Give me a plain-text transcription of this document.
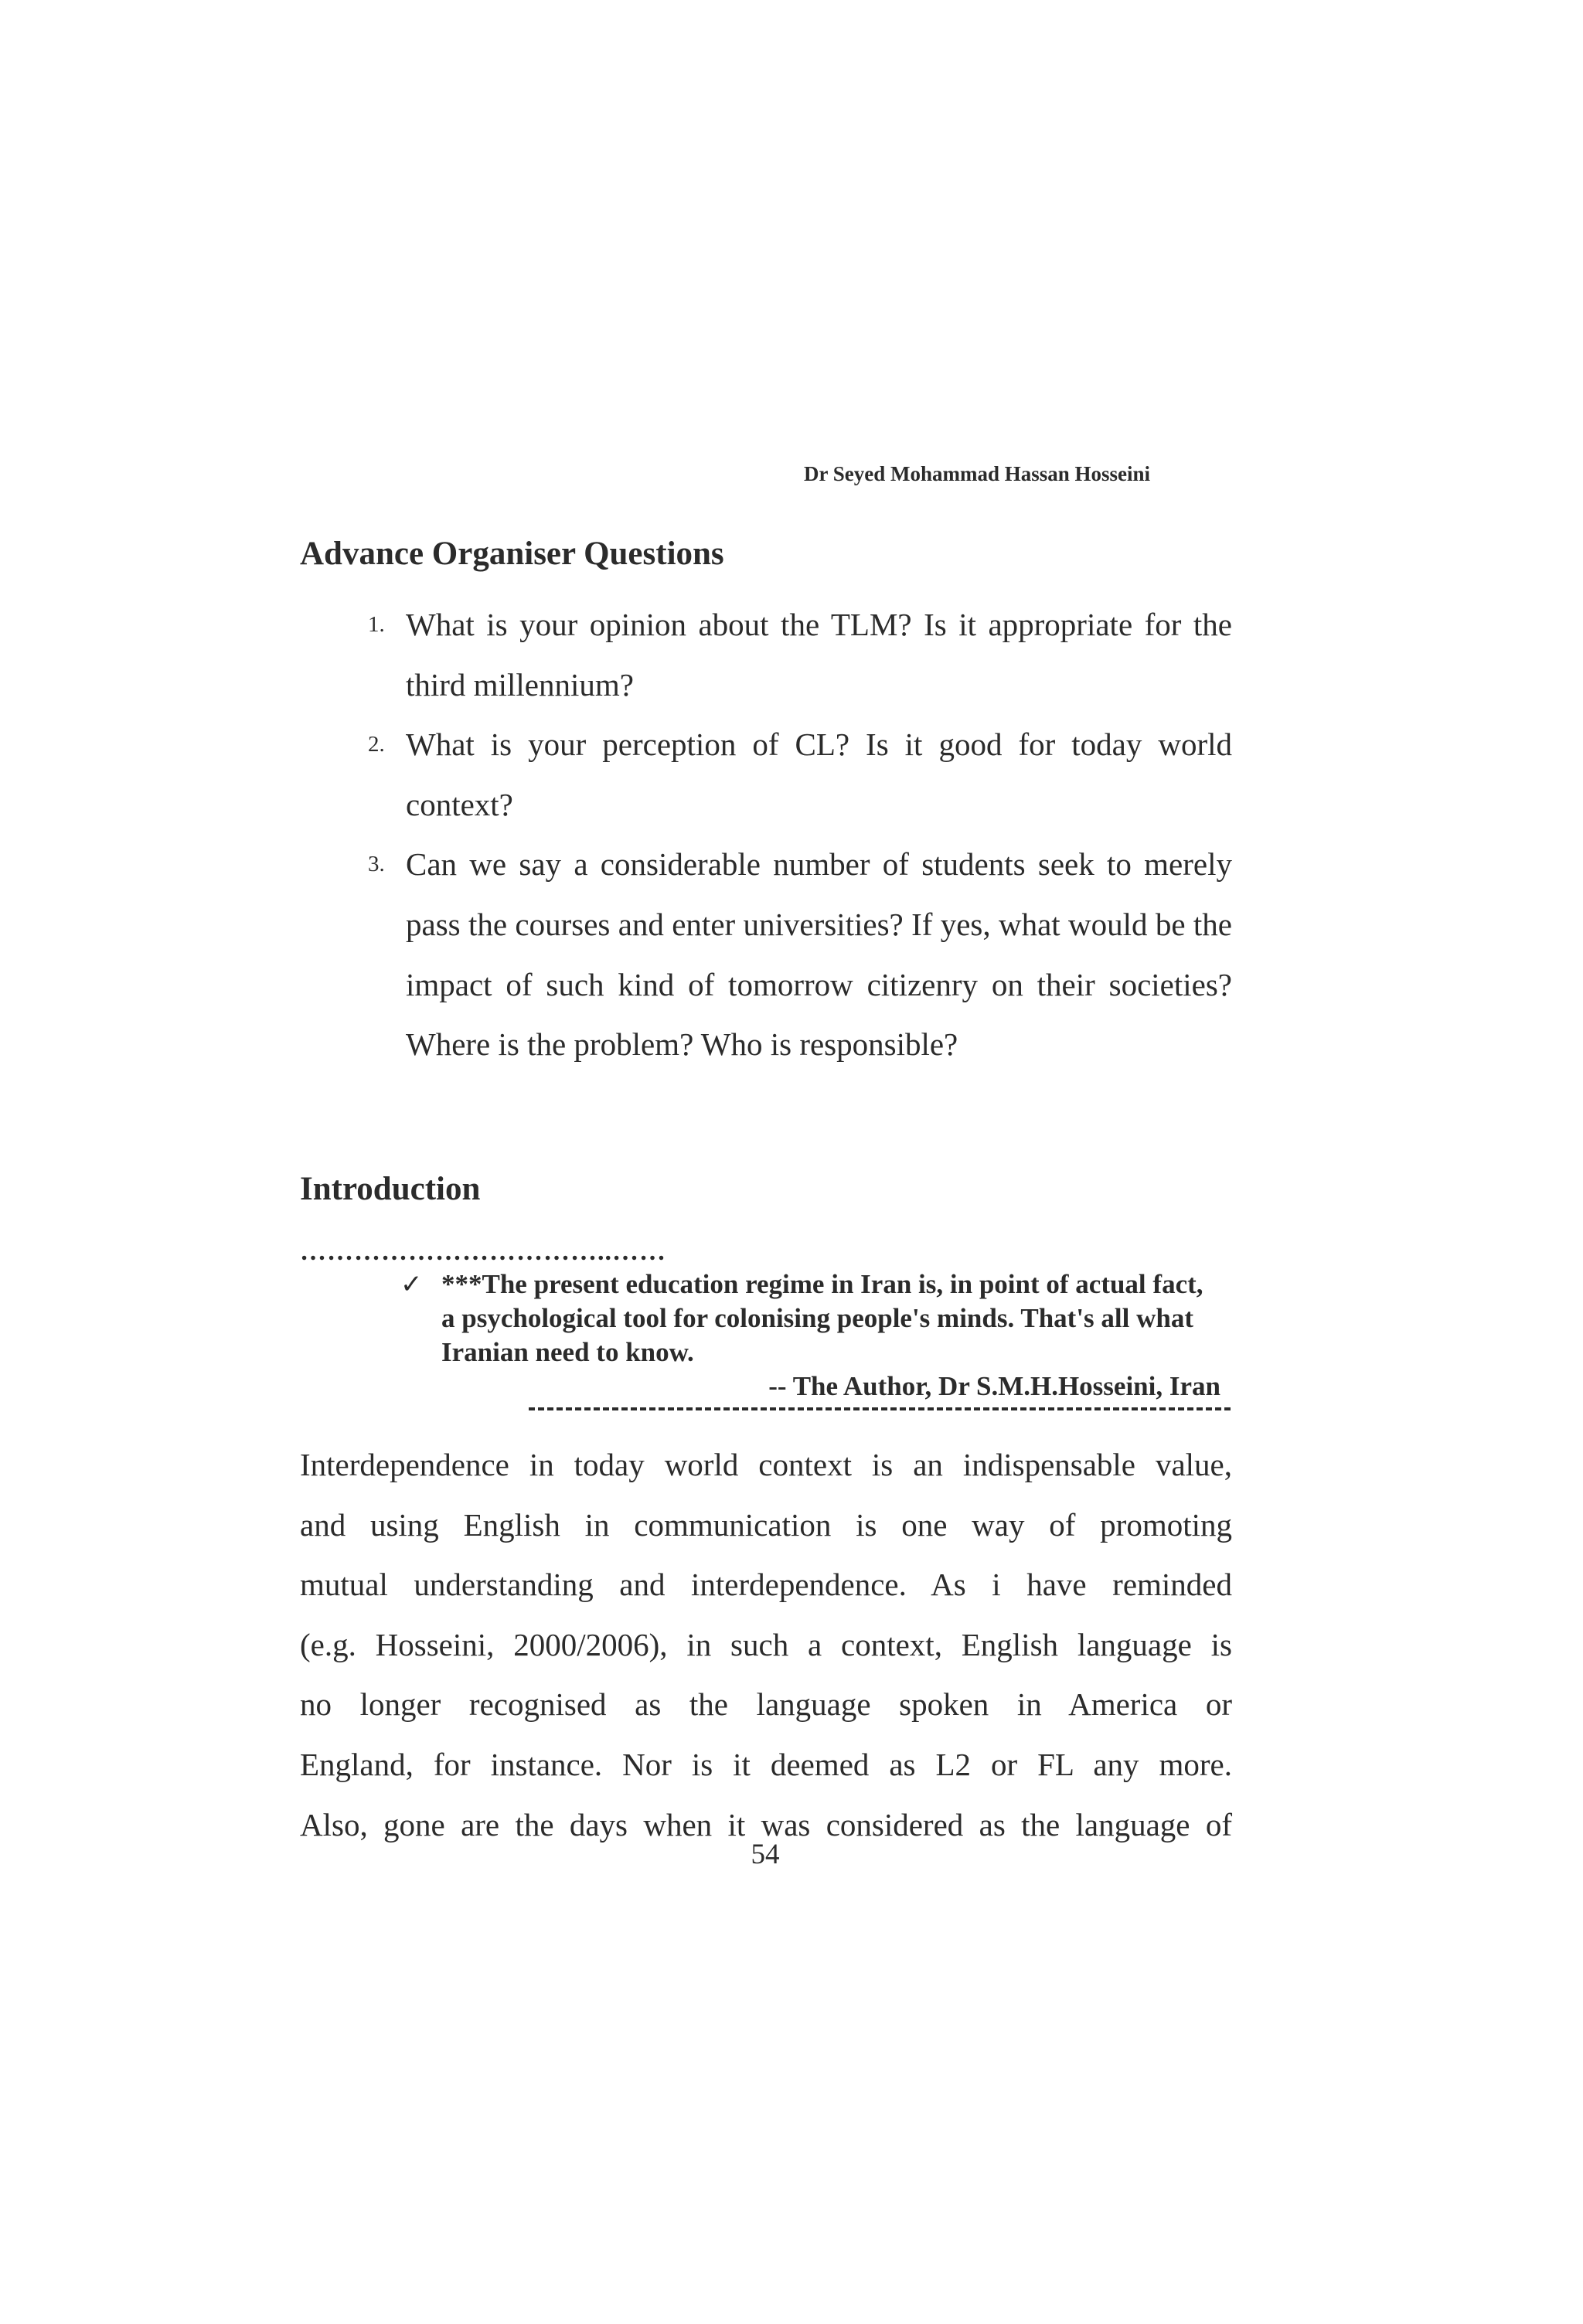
Dr Seyed Mohammad Hassan Hosseini
Advance Organiser Questions
1. What is your opinion about the TLM? Is it appropriate for the third millennium?
2. What is your perception of CL? Is it good for today world context?
3. Can we say a considerable number of students seek to merely pass the courses and enter universities? If yes, what would be the impact of such kind of tomorrow citizenry on their societies? Where is the problem? Who is responsible?
Introduction
……………………………..……
✓ ***The present education regime in Iran is, in point of actual fact, a psychological tool for colonising people's minds. That's all what Iranian need to know.
-- The Author, Dr S.M.H.Hosseini, Iran

Interdependence in today world context is an indispensable value,
and using English in communication is one way of promoting
mutual understanding and interdependence. As i have reminded
(e.g. Hosseini, 2000/2006), in such a context, English language is
no longer recognised as the language spoken in America or
England, for instance. Nor is it deemed as L2 or FL any more.
Also, gone are the days when it was considered as the language of

54
